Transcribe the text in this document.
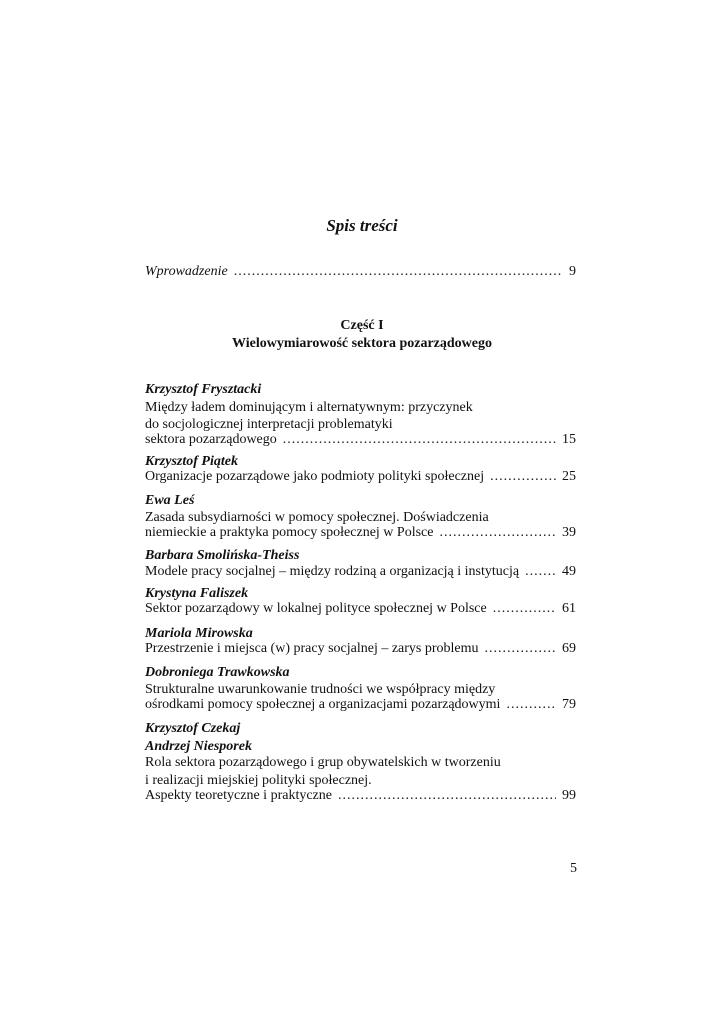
Spis treści
Wprowadzenie .....	9
Część I
Wielowymiarowość sektora pozarządowego
Krzysztof Frysztacki
Między ładem dominującym i alternatywnym: przyczynek
do socjologicznej interpretacji problematyki
sektora pozarządowego .....	15
Krzysztof Piątek
Organizacje pozarządowe jako podmioty polityki społecznej .....	25
Ewa Leś
Zasada subsydiarności w pomocy społecznej. Doświadczenia
niemieckie a praktyka pomocy społecznej w Polsce .....	39
Barbara Smolińska-Theiss
Modele pracy socjalnej – między rodziną a organizacją i instytucją .....	49
Krystyna Faliszek
Sektor pozarządowy w lokalnej polityce społecznej w Polsce .....	61
Mariola Mirowska
Przestrzenie i miejsca (w) pracy socjalnej – zarys problemu .....	69
Dobroniega Trawkowska
Strukturalne uwarunkowanie trudności we współpracy między
ośrodkami pomocy społecznej a organizacjami pozarządowymi .....	79
Krzysztof Czekaj
Andrzej Niesporek
Rola sektora pozarządowego i grup obywatelskich w tworzeniu
i realizacji miejskiej polityki społecznej.
Aspekty teoretyczne i praktyczne .....	99
5
